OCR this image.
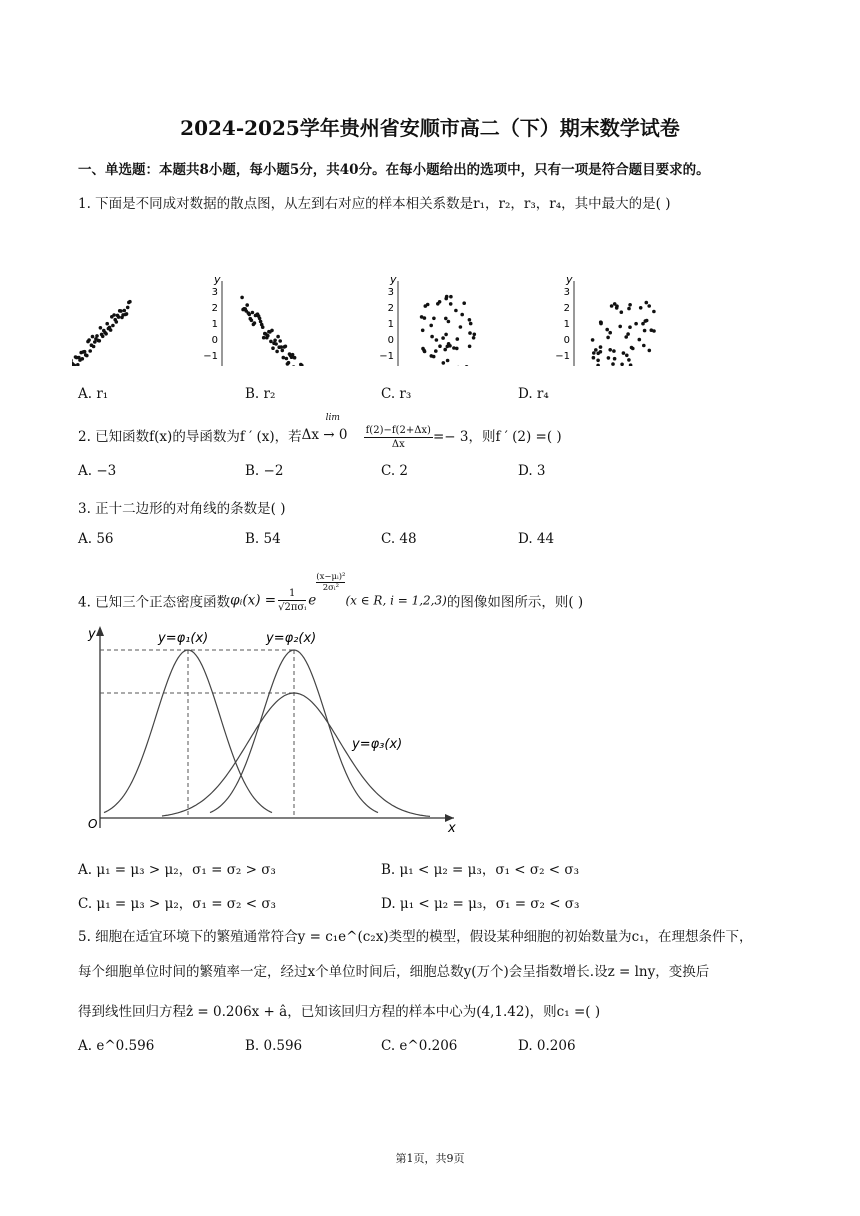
2024-2025学年贵州省安顺市高二（下）期末数学试卷
一、单选题：本题共8小题，每小题5分，共40分。在每小题给出的选项中，只有一项是符合题目要求的。
1. 下面是不同成对数据的散点图，从左到右对应的样本相关系数是r₁，r₂，r₃，r₄，其中最大的是( )
y
3
2
1
0
−1
y
3
2
1
0
−1
y
3
2
1
0
−1
A. r₁	B. r₂	C. r₃	D. r₄
2. 已知函数f(x)的导函数为f ′ (x)，若
lim
$\Delta x \to 0 \frac{f(2)-f(2+\Delta x)}{\Delta x} =- 3$，则f ′ (2) =( )
A. −3	B. −2	C. 2	D. 3
3. 正十二边形的对角线的条数是( )
A. 56	B. 54	C. 48	D. 44
4. 已知三个正态密度函数φᵢ(x) =	1
√2πσᵢ e
$\frac{\text{(x−μᵢ)²}}{\text{2σᵢ²}}$
(x ∈ R, i = 1,2,3)的图像如图所示，则( )
y
x
O
y=φ₁(x)	y=φ₂(x)
y=φ₃(x)
A. μ₁ = μ₃ > μ₂，σ₁ = σ₂ > σ₃	B. μ₁ < μ₂ = μ₃，σ₁ < σ₂ < σ₃
C. μ₁ = μ₃ > μ₂，σ₁ = σ₂ < σ₃	D. μ₁ < μ₂ = μ₃，σ₁ = σ₂ < σ₃
5. 细胞在适宜环境下的繁殖通常符合y = c₁e^(c₂x)类型的模型，假设某种细胞的初始数量为c₁，在理想条件下，
每个细胞单位时间的繁殖率一定，经过x个单位时间后，细胞总数y(万个)会呈指数增长.设z = lny，变换后
得到线性回归方程ẑ = 0.206x + â，已知该回归方程的样本中心为(4,1.42)，则c₁ =( )
A. e^0.596	B. 0.596	C. e^0.206	D. 0.206
第1页，共9页
